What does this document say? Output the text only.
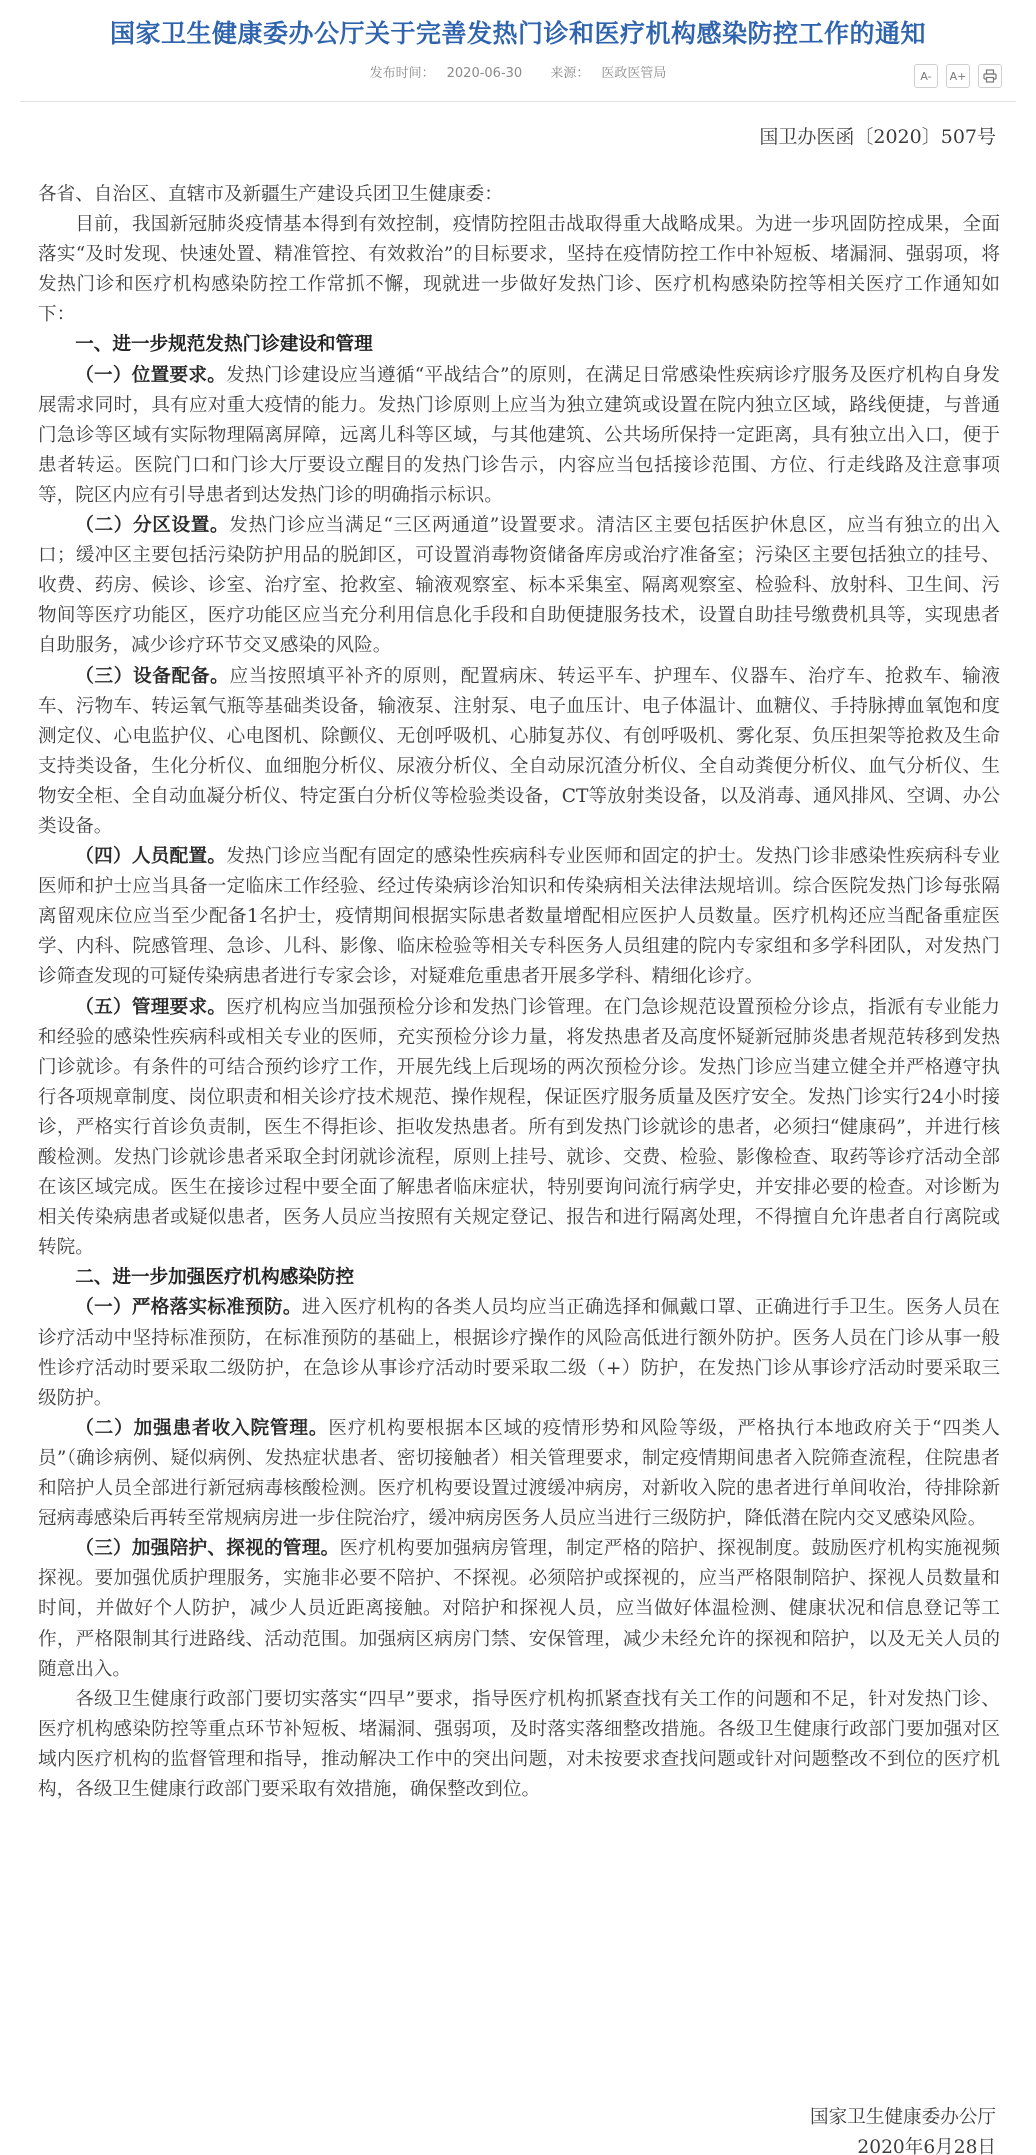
国家卫生健康委办公厅关于完善发热门诊和医疗机构感染防控工作的通知
发布时间： 2020-06-30 来源： 医政医管局	A-	A+
国卫办医函〔2020〕507号

各省、自治区、直辖市及新疆生产建设兵团卫生健康委：

目前，我国新冠肺炎疫情基本得到有效控制，疫情防控阻击战取得重大战略成果。为进一步巩固防控成果，全面落实“及时发现、快速处置、精准管控、有效救治”的目标要求，坚持在疫情防控工作中补短板、堵漏洞、强弱项，将发热门诊和医疗机构感染防控工作常抓不懈，现就进一步做好发热门诊、医疗机构感染防控等相关医疗工作通知如下：

一、进一步规范发热门诊建设和管理

（一）位置要求。发热门诊建设应当遵循“平战结合”的原则，在满足日常感染性疾病诊疗服务及医疗机构自身发展需求同时，具有应对重大疫情的能力。发热门诊原则上应当为独立建筑或设置在院内独立区域，路线便捷，与普通门急诊等区域有实际物理隔离屏障，远离儿科等区域，与其他建筑、公共场所保持一定距离，具有独立出入口，便于患者转运。医院门口和门诊大厅要设立醒目的发热门诊告示，内容应当包括接诊范围、方位、行走线路及注意事项等，院区内应有引导患者到达发热门诊的明确指示标识。

（二）分区设置。发热门诊应当满足“三区两通道”设置要求。清洁区主要包括医护休息区，应当有独立的出入口；缓冲区主要包括污染防护用品的脱卸区，可设置消毒物资储备库房或治疗准备室；污染区主要包括独立的挂号、收费、药房、候诊、诊室、治疗室、抢救室、输液观察室、标本采集室、隔离观察室、检验科、放射科、卫生间、污物间等医疗功能区，医疗功能区应当充分利用信息化手段和自助便捷服务技术，设置自助挂号缴费机具等，实现患者自助服务，减少诊疗环节交叉感染的风险。

（三）设备配备。应当按照填平补齐的原则，配置病床、转运平车、护理车、仪器车、治疗车、抢救车、输液车、污物车、转运氧气瓶等基础类设备，输液泵、注射泵、电子血压计、电子体温计、血糖仪、手持脉搏血氧饱和度测定仪、心电监护仪、心电图机、除颤仪、无创呼吸机、心肺复苏仪、有创呼吸机、雾化泵、负压担架等抢救及生命支持类设备，生化分析仪、血细胞分析仪、尿液分析仪、全自动尿沉渣分析仪、全自动粪便分析仪、血气分析仪、生物安全柜、全自动血凝分析仪、特定蛋白分析仪等检验类设备，CT等放射类设备，以及消毒、通风排风、空调、办公类设备。

（四）人员配置。发热门诊应当配有固定的感染性疾病科专业医师和固定的护士。发热门诊非感染性疾病科专业医师和护士应当具备一定临床工作经验、经过传染病诊治知识和传染病相关法律法规培训。综合医院发热门诊每张隔离留观床位应当至少配备1名护士，疫情期间根据实际患者数量增配相应医护人员数量。医疗机构还应当配备重症医学、内科、院感管理、急诊、儿科、影像、临床检验等相关专科医务人员组建的院内专家组和多学科团队，对发热门诊筛查发现的可疑传染病患者进行专家会诊，对疑难危重患者开展多学科、精细化诊疗。

（五）管理要求。医疗机构应当加强预检分诊和发热门诊管理。在门急诊规范设置预检分诊点，指派有专业能力和经验的感染性疾病科或相关专业的医师，充实预检分诊力量，将发热患者及高度怀疑新冠肺炎患者规范转移到发热门诊就诊。有条件的可结合预约诊疗工作，开展先线上后现场的两次预检分诊。发热门诊应当建立健全并严格遵守执行各项规章制度、岗位职责和相关诊疗技术规范、操作规程，保证医疗服务质量及医疗安全。发热门诊实行24小时接诊，严格实行首诊负责制，医生不得拒诊、拒收发热患者。所有到发热门诊就诊的患者，必须扫“健康码”，并进行核酸检测。发热门诊就诊患者采取全封闭就诊流程，原则上挂号、就诊、交费、检验、影像检查、取药等诊疗活动全部在该区域完成。医生在接诊过程中要全面了解患者临床症状，特别要询问流行病学史，并安排必要的检查。对诊断为相关传染病患者或疑似患者，医务人员应当按照有关规定登记、报告和进行隔离处理，不得擅自允许患者自行离院或转院。

二、进一步加强医疗机构感染防控

（一）严格落实标准预防。进入医疗机构的各类人员均应当正确选择和佩戴口罩、正确进行手卫生。医务人员在诊疗活动中坚持标准预防，在标准预防的基础上，根据诊疗操作的风险高低进行额外防护。医务人员在门诊从事一般性诊疗活动时要采取二级防护，在急诊从事诊疗活动时要采取二级（+）防护，在发热门诊从事诊疗活动时要采取三级防护。

（二）加强患者收入院管理。医疗机构要根据本区域的疫情形势和风险等级，严格执行本地政府关于“四类人员”（确诊病例、疑似病例、发热症状患者、密切接触者）相关管理要求，制定疫情期间患者入院筛查流程，住院患者和陪护人员全部进行新冠病毒核酸检测。医疗机构要设置过渡缓冲病房，对新收入院的患者进行单间收治，待排除新冠病毒感染后再转至常规病房进一步住院治疗，缓冲病房医务人员应当进行三级防护，降低潜在院内交叉感染风险。

（三）加强陪护、探视的管理。医疗机构要加强病房管理，制定严格的陪护、探视制度。鼓励医疗机构实施视频探视。要加强优质护理服务，实施非必要不陪护、不探视。必须陪护或探视的，应当严格限制陪护、探视人员数量和时间，并做好个人防护，减少人员近距离接触。对陪护和探视人员，应当做好体温检测、健康状况和信息登记等工作，严格限制其行进路线、活动范围。加强病区病房门禁、安保管理，减少未经允许的探视和陪护，以及无关人员的随意出入。

各级卫生健康行政部门要切实落实“四早”要求，指导医疗机构抓紧查找有关工作的问题和不足，针对发热门诊、医疗机构感染防控等重点环节补短板、堵漏洞、强弱项，及时落实落细整改措施。各级卫生健康行政部门要加强对区域内医疗机构的监督管理和指导，推动解决工作中的突出问题，对未按要求查找问题或针对问题整改不到位的医疗机构，各级卫生健康行政部门要采取有效措施，确保整改到位。

国家卫生健康委办公厅
2020年6月28日
